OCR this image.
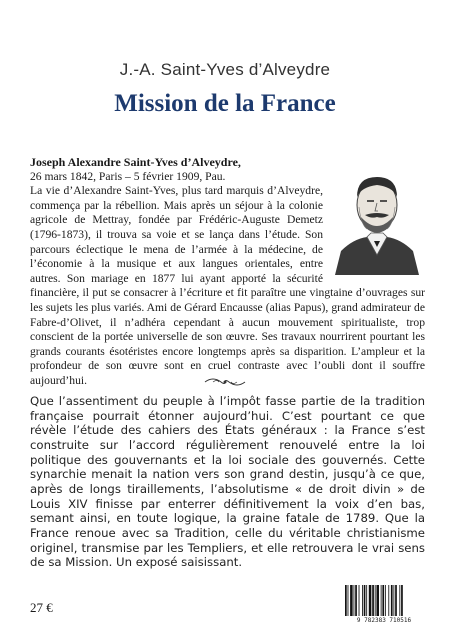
J.-A. Saint-Yves d’Alveydre
Mission de la France
Joseph Alexandre Saint-Yves d’Alveydre,
26 mars 1842, Paris – 5 février 1909, Pau.
La vie d’Alexandre Saint-Yves, plus tard marquis d’Alveydre, commença par la rébellion. Mais après un séjour à la colonie agricole de Mettray, fondée par Frédéric-Auguste Demetz (1796-1873), il trouva sa voie et se lança dans l’étude. Son parcours éclectique le mena de l’armée à la médecine, de l’économie à la musique et aux langues orientales, entre autres. Son mariage en 1877 lui ayant apporté la sécurité financière, il put se consacrer à l’écriture et fit paraître une vingtaine d’ouvrages sur les sujets les plus variés. Ami de Gérard Encausse (alias Papus), grand admirateur de Fabre-d’Olivet, il n’adhéra cependant à aucun mouvement spiritualiste, trop conscient de la portée universelle de son œuvre. Ses travaux nourrirent pourtant les grands courants ésotéristes encore longtemps après sa disparition. L’ampleur et la profondeur de son œuvre sont en cruel contraste avec l’oubli dont il souffre aujourd’hui.
Que l’assentiment du peuple à l’impôt fasse partie de la tradition française pourrait étonner aujourd’hui. C’est pourtant ce que révèle l’étude des cahiers des États généraux : la France s’est construite sur l’accord régulièrement renouvelé entre la loi politique des gouvernants et la loi sociale des gouvernés. Cette synarchie menait la nation vers son grand destin, jusqu’à ce que, après de longs tiraillements, l’absolutisme « de droit divin » de Louis XIV finisse par enterrer définitivement la voix d’en bas, semant ainsi, en toute logique, la graine fatale de 1789. Que la France renoue avec sa Tradition, celle du véritable christianisme originel, transmise par les Templiers, et elle retrouvera le vrai sens de sa Mission. Un exposé saisissant.
27 €
9 782383 710516
